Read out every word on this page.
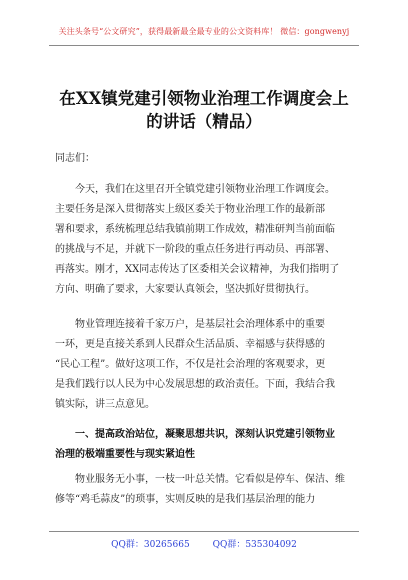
关注头条号“公文研究”，获得最新最全最专业的公文资料库！ 微信：gongwenyj
在XX镇党建引领物业治理工作调度会上
的讲话（精品）
同志们：
今天，我们在这里召开全镇党建引领物业治理工作调度会。
主要任务是深入贯彻落实上级区委关于物业治理工作的最新部
署和要求，系统梳理总结我镇前期工作成效，精准研判当前面临
的挑战与不足，并就下一阶段的重点任务进行再动员、再部署、
再落实。刚才，XX同志传达了区委相关会议精神，为我们指明了
方向、明确了要求，大家要认真领会，坚决抓好贯彻执行。
物业管理连接着千家万户，是基层社会治理体系中的重要
一环，更是直接关系到人民群众生活品质、幸福感与获得感的
“民心工程”。做好这项工作，不仅是社会治理的客观要求，更
是我们践行以人民为中心发展思想的政治责任。下面，我结合我
镇实际，讲三点意见。
一、提高政治站位，凝聚思想共识，深刻认识党建引领物业
治理的极端重要性与现实紧迫性
物业服务无小事，一枝一叶总关情。它看似是停车、保洁、维
修等“鸡毛蒜皮”的琐事，实则反映的是我们基层治理的能力
QQ群：30265665	QQ群：535304092
